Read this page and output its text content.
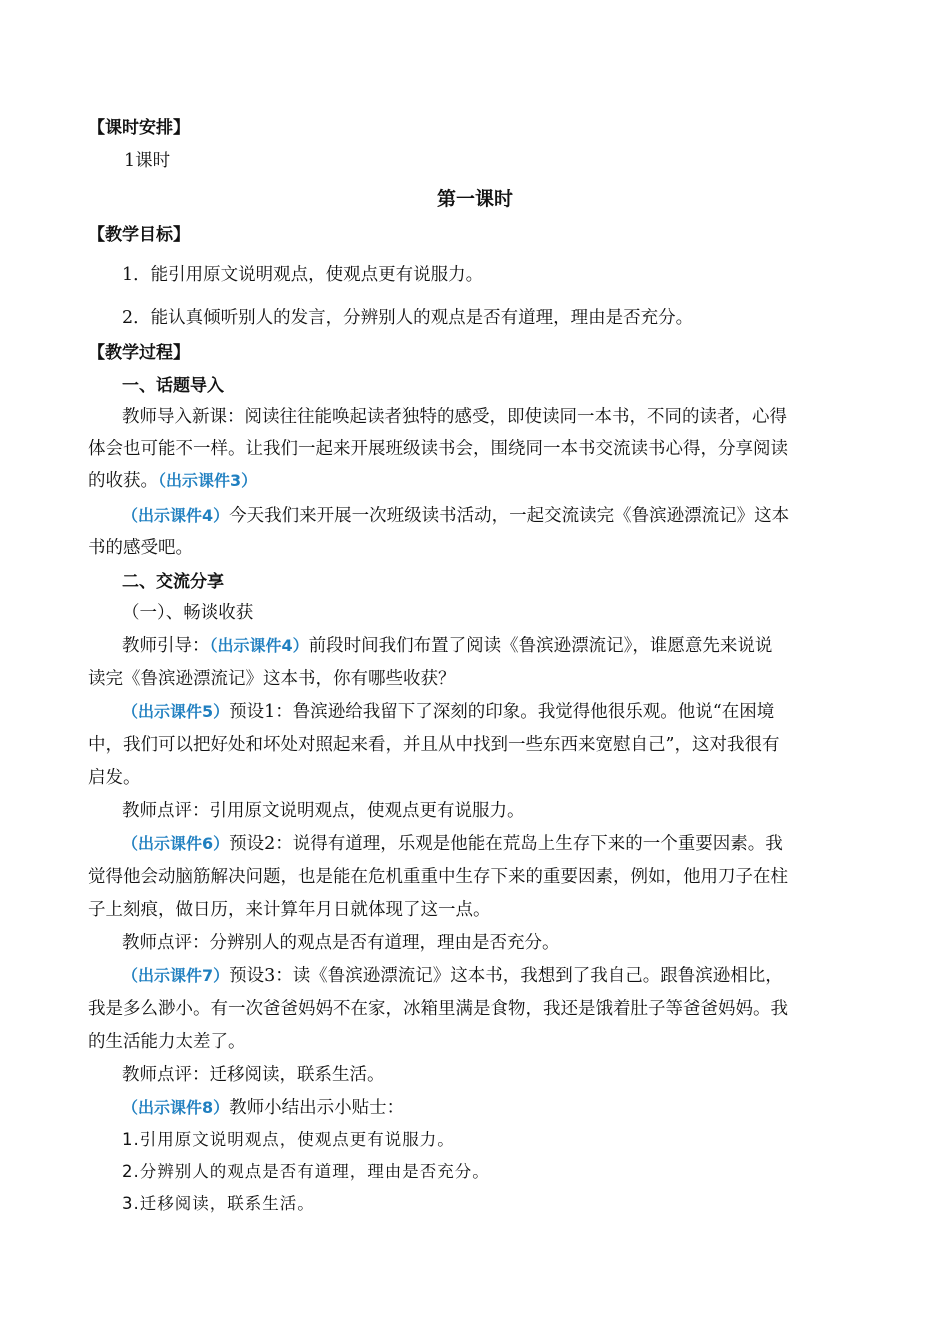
【课时安排】
1课时
第一课时
【教学目标】
1．能引用原文说明观点，使观点更有说服力。
2．能认真倾听别人的发言，分辨别人的观点是否有道理，理由是否充分。
【教学过程】
一、话题导入
教师导入新课：阅读往往能唤起读者独特的感受，即使读同一本书，不同的读者，心得
体会也可能不一样。让我们一起来开展班级读书会，围绕同一本书交流读书心得，分享阅读
的收获。（出示课件3）
（出示课件4）今天我们来开展一次班级读书活动，一起交流读完《鲁滨逊漂流记》这本
书的感受吧。
二、交流分享
（一）、畅谈收获
教师引导：（出示课件4）前段时间我们布置了阅读《鲁滨逊漂流记》，谁愿意先来说说
读完《鲁滨逊漂流记》这本书，你有哪些收获？
（出示课件5）预设1：鲁滨逊给我留下了深刻的印象。我觉得他很乐观。他说“在困境
中，我们可以把好处和坏处对照起来看，并且从中找到一些东西来宽慰自己”，这对我很有
启发。
教师点评：引用原文说明观点，使观点更有说服力。
（出示课件6）预设2：说得有道理，乐观是他能在荒岛上生存下来的一个重要因素。我
觉得他会动脑筋解决问题，也是能在危机重重中生存下来的重要因素，例如，他用刀子在柱
子上刻痕，做日历，来计算年月日就体现了这一点。
教师点评：分辨别人的观点是否有道理，理由是否充分。
（出示课件7）预设3：读《鲁滨逊漂流记》这本书，我想到了我自己。跟鲁滨逊相比，
我是多么渺小。有一次爸爸妈妈不在家，冰箱里满是食物，我还是饿着肚子等爸爸妈妈。我
的生活能力太差了。
教师点评：迁移阅读，联系生活。
（出示课件8）教师小结出示小贴士：
1.引用原文说明观点，使观点更有说服力。
2.分辨别人的观点是否有道理，理由是否充分。
3.迁移阅读，联系生活。
